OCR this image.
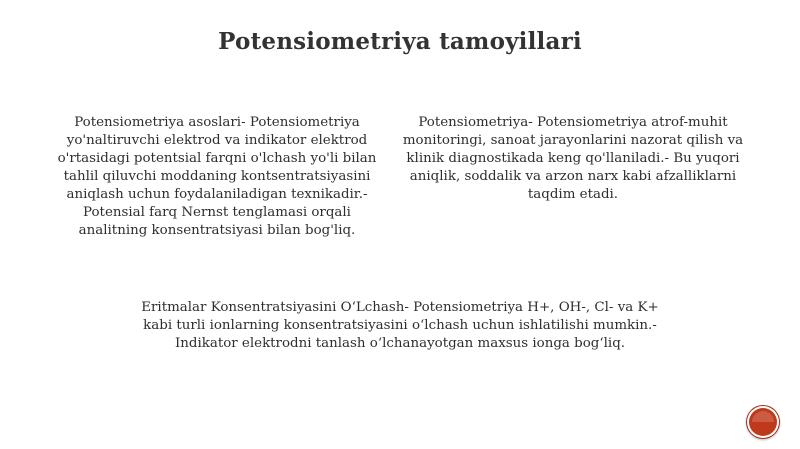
Potensiometriya tamoyillari
Potensiometriya asoslari- Potensiometriya yo'naltiruvchi elektrod va indikator elektrod o'rtasidagi potentsial farqni o'lchash yo'li bilan tahlil qiluvchi moddaning kontsentratsiyasini aniqlash uchun foydalaniladigan texnikadir.- Potensial farq Nernst tenglamasi orqali analitning konsentratsiyasi bilan bog'liq.
Potensiometriya- Potensiometriya atrof-muhit monitoringi, sanoat jarayonlarini nazorat qilish va klinik diagnostikada keng qo'llaniladi.- Bu yuqori aniqlik, soddalik va arzon narx kabi afzalliklarni taqdim etadi.
Eritmalar Konsentratsiyasini O‘Lchash- Potensiometriya H+, OH-, Cl- va K+ kabi turli ionlarning konsentratsiyasini o‘lchash uchun ishlatilishi mumkin.- Indikator elektrodni tanlash o‘lchanayotgan maxsus ionga bog‘liq.
